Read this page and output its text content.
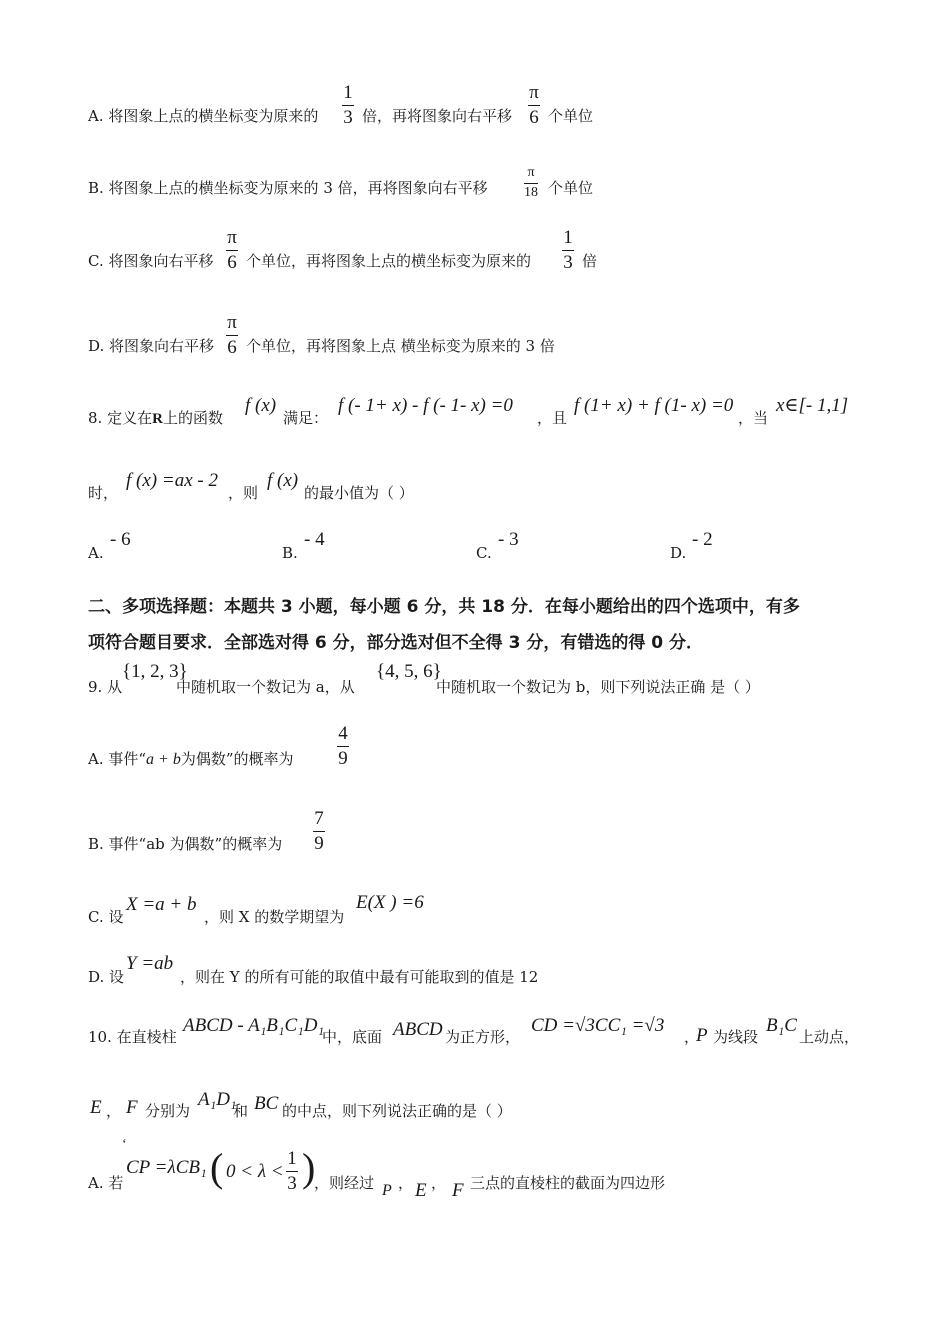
A. 将图象上点的横坐标变为原来的
1
3 倍，再将图象向右平移
π
6 个单位
B. 将图象上点的横坐标变为原来的 3 倍，再将图象向右平移
π
18 个单位
C. 将图象向右平移
π
6 个单位，再将图象上点的横坐标变为原来的
1
3 倍
D. 将图象向右平移
π
6 个单位，再将图象上点 横坐标变为原来的 3 倍
8. 定义在R上的函数
f (x)
满足：
f (- 1+ x) - f (- 1- x) =0
，且
f (1+ x) + f (1- x) =0
，当
x∈[- 1,1]
时，
f (x) =ax - 2
，则
f (x)
的最小值为（ ）
A.
- 6
B.
- 4
C.
- 3
D.
- 2
二、多项选择题：本题共 3 小题，每小题 6 分，共 18 分．在每小题给出的四个选项中，有多
项符合题目要求．全部选对得 6 分，部分选对但不全得 3 分，有错选的得 0 分．
9. 从
{1, 2, 3}
中随机取一个数记为 a，从
{4, 5, 6}
中随机取一个数记为 b，则下列说法正确 是（ ）
A. 事件“a + b为偶数”的概率为
4
9
B. 事件“ab 为偶数”的概率为
7
9
C. 设
X =a + b
，则 X 的数学期望为
E(X ) =6
D. 设
Y =ab
，则在 Y 的所有可能的取值中最有可能取到的值是 12
10. 在直棱柱
ABCD - A₁B₁C₁D₁
中，底面 ABCD 为正方形，
CD =√3CC₁ =√3
，
P 为线段
B₁C
上动点，
E ， F 分别为
A₁D₁
和 BC 的中点，则下列说法正确的是（ ）
A. 若
‘
CP =λCB₁ ( 0 < λ <
1
3 )
，则经过 P ， E ， F 三点的直棱柱的截面为四边形
